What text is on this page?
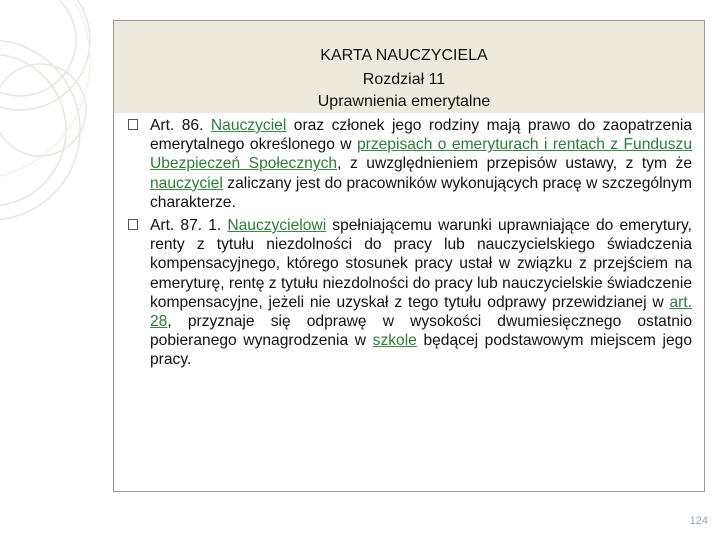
KARTA NAUCZYCIELA
Rozdział 11
Uprawnienia emerytalne
Art. 86. Nauczyciel oraz członek jego rodziny mają prawo do zaopatrzenia emerytalnego określonego w przepisach o emeryturach i rentach z Funduszu Ubezpieczeń Społecznych, z uwzględnieniem przepisów ustawy, z tym że nauczyciel zaliczany jest do pracowników wykonujących pracę w szczególnym charakterze.
Art. 87. 1. Nauczycielowi spełniającemu warunki uprawniające do emerytury, renty z tytułu niezdolności do pracy lub nauczycielskiego świadczenia kompensacyjnego, którego stosunek pracy ustał w związku z przejściem na emeryturę, rentę z tytułu niezdolności do pracy lub nauczycielskie świadczenie kompensacyjne, jeżeli nie uzyskał z tego tytułu odprawy przewidzianej w art. 28, przyznaje się odprawę w wysokości dwumiesięcznego ostatnio pobieranego wynagrodzenia w szkole będącej podstawowym miejscem jego pracy.
124
